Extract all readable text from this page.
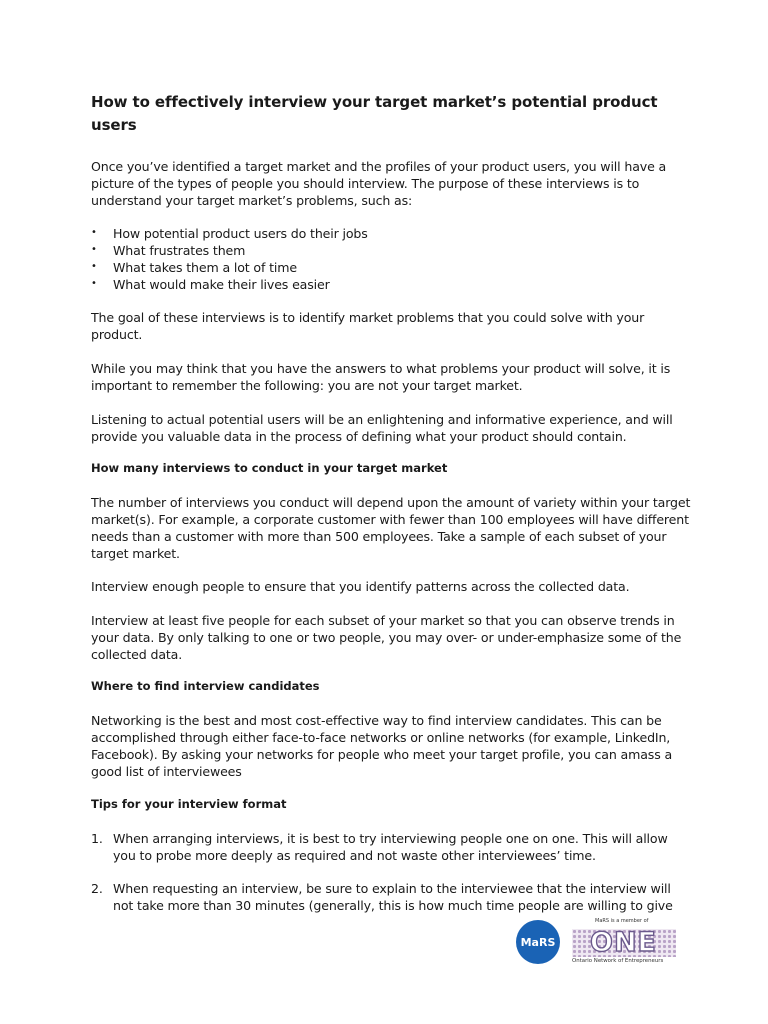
How to effectively interview your target market’s potential product users
Once you’ve identified a target market and the profiles of your product users, you will have a picture of the types of people you should interview. The purpose of these interviews is to understand your target market’s problems, such as:
• How potential product users do their jobs
• What frustrates them
• What takes them a lot of time
• What would make their lives easier
The goal of these interviews is to identify market problems that you could solve with your product.
While you may think that you have the answers to what problems your product will solve, it is important to remember the following: you are not your target market.
Listening to actual potential users will be an enlightening and informative experience, and will provide you valuable data in the process of defining what your product should contain.
How many interviews to conduct in your target market
The number of interviews you conduct will depend upon the amount of variety within your target market(s). For example, a corporate customer with fewer than 100 employees will have different needs than a customer with more than 500 employees. Take a sample of each subset of your target market.
Interview enough people to ensure that you identify patterns across the collected data.
Interview at least five people for each subset of your market so that you can observe trends in your data. By only talking to one or two people, you may over- or under-emphasize some of the collected data.
Where to find interview candidates
Networking is the best and most cost-effective way to find interview candidates. This can be accomplished through either face-to-face networks or online networks (for example, LinkedIn, Facebook). By asking your networks for people who meet your target profile, you can amass a good list of interviewees
Tips for your interview format
1. When arranging interviews, it is best to try interviewing people one on one. This will allow you to probe more deeply as required and not waste other interviewees’ time.
2. When requesting an interview, be sure to explain to the interviewee that the interview will not take more than 30 minutes (generally, this is how much time people are willing to give
MaRS
MaRS is a member of
ONE
Ontario Network of Entrepreneurs
